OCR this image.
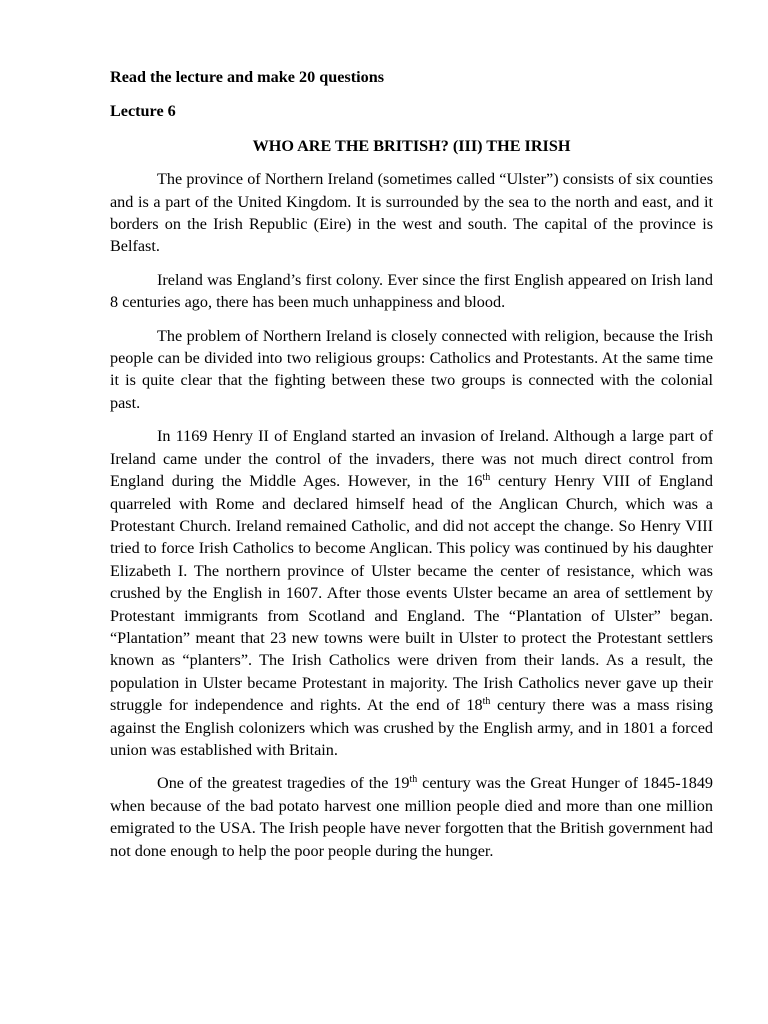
Read the lecture and make 20 questions

Lecture 6

WHO ARE THE BRITISH? (III) THE IRISH

The province of Northern Ireland (sometimes called “Ulster”) consists of six counties and is a part of the United Kingdom. It is surrounded by the sea to the north and east, and it borders on the Irish Republic (Eire) in the west and south. The capital of the province is Belfast.

Ireland was England’s first colony. Ever since the first English appeared on Irish land 8 centuries ago, there has been much unhappiness and blood.

The problem of Northern Ireland is closely connected with religion, because the Irish people can be divided into two religious groups: Catholics and Protestants. At the same time it is quite clear that the fighting between these two groups is connected with the colonial past.

In 1169 Henry II of England started an invasion of Ireland. Although a large part of Ireland came under the control of the invaders, there was not much direct control from England during the Middle Ages. However, in the 16th century Henry VIII of England quarreled with Rome and declared himself head of the Anglican Church, which was a Protestant Church. Ireland remained Catholic, and did not accept the change. So Henry VIII tried to force Irish Catholics to become Anglican. This policy was continued by his daughter Elizabeth I. The northern province of Ulster became the center of resistance, which was crushed by the English in 1607. After those events Ulster became an area of settlement by Protestant immigrants from Scotland and England. The “Plantation of Ulster” began. “Plantation” meant that 23 new towns were built in Ulster to protect the Protestant settlers known as “planters”. The Irish Catholics were driven from their lands. As a result, the population in Ulster became Protestant in majority. The Irish Catholics never gave up their struggle for independence and rights. At the end of 18th century there was a mass rising against the English colonizers which was crushed by the English army, and in 1801 a forced union was established with Britain.

One of the greatest tragedies of the 19th century was the Great Hunger of 1845-1849 when because of the bad potato harvest one million people died and more than one million emigrated to the USA. The Irish people have never forgotten that the British government had not done enough to help the poor people during the hunger.
